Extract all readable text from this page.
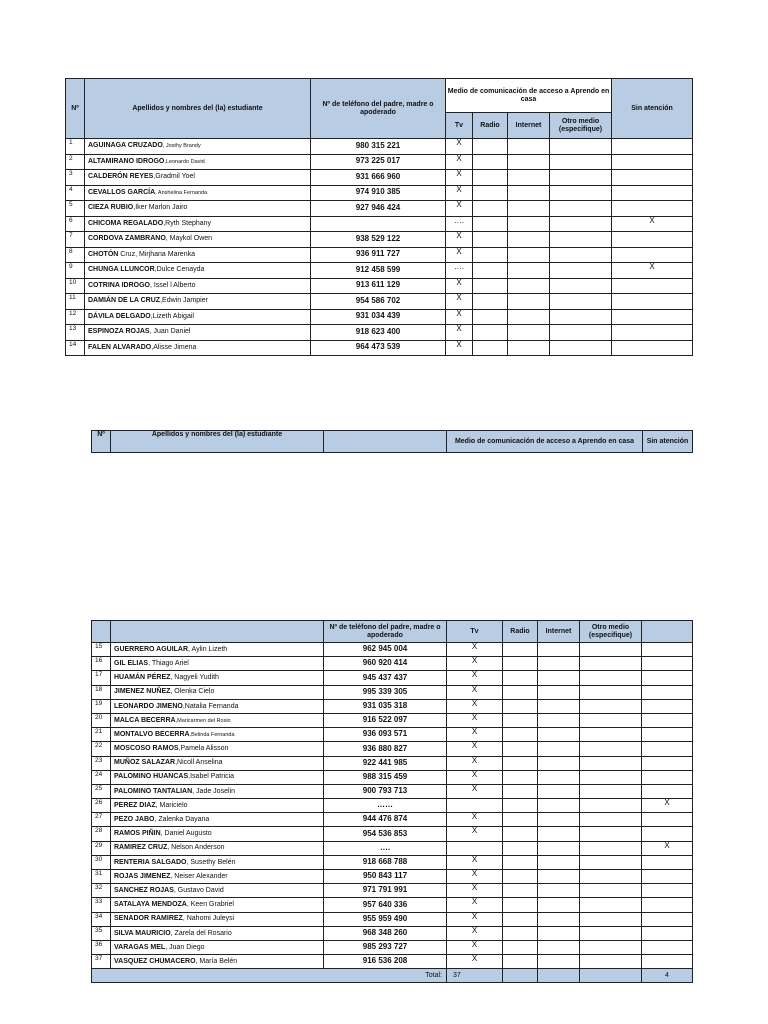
Nº	Apellidos y nombres del (la) estudiante	Nº de teléfono del padre, madre o apoderado	Medio de comunicación de acceso a Aprendo en casa				Sin atención
			Tv	Radio	Internet	Otro medio (especifique)	
1	AGUINAGA CRUZADO, Josthy Brandy	980 315 221	X				
2	ALTAMIRANO IDROGO,Leonardo David	973 225 017	X				
3	CALDERÓN REYES,Gradmil Yoel	931 666 960	X				
4	CEVALLOS GARCÍA, Anshelina Fernanda	974 910 385	X				
5	CIEZA RUBIO,Iker Marlon Jairo	927 946 424	X				
6	CHICOMA REGALADO,Ryth Stephany		….				X
7	CORDOVA ZAMBRANO, Maykol Owen	938 529 122	X				
8	CHOTÓN Cruz, Mirjhana Marenka	936 911 727	X				
9	CHUNGA LLUNCOR,Dulce Cenayda	912 458 599	….				X
10	COTRINA IDROGO, Issel l Alberto	913 611 129	X				
11	DAMIÁN DE LA CRUZ,Edwin Jampier	954 586 702	X				
12	DÁVILA DELGADO,Lizeth Abigail	931 034 439	X				
13	ESPINOZA ROJAS, Juan Daniel	918 623 400	X				
14	FALEN ALVARADO,Alisse Jimena	964 473 539	X				
Nº	Apellidos y nombres del (la) estudiante		Medio de comunicación de acceso a Aprendo en casa	Sin atención
		Nº de teléfono del padre, madre o apoderado	Tv	Radio	Internet	Otro medio (especifique)	
15	GUERRERO AGUILAR, Aylin Lizeth	962 945 004	X				
16	GIL ELIAS, Thiago Ariel	960 920 414	X				
17	HUAMÁN PÉREZ, Nagyeli Yudith	945 437 437	X				
18	JIMENEZ NUÑEZ, Olenka Cielo	995 339 305	X				
19	LEONARDO JIMENO,Natalia Fernanda	931 035 318	X				
20	MALCA BECERRA,Maricarmen del Rosio	916 522 097	X				
21	MONTALVO BECERRA,Belinda Fernanda	936 093 571	X				
22	MOSCOSO RAMOS,Pamela Alisson	936 880 827	X				
23	MUÑOZ SALAZAR,Nicoll Anselina	922 441 985	X				
24	PALOMINO HUANCAS,Isabel Patricia	988 315 459	X				
25	PALOMINO TANTALIAN, Jade Joselin	900 793 713	X				
26	PEREZ DIAZ, Maricielo	……					X
27	PEZO JABO, Zalenka Dayana	944 476 874	X				
28	RAMOS PIÑIN, Daniel Augusto	954 536 853	X				
29	RAMIREZ CRUZ, Nelson Anderson	….					X
30	RENTERIA SALGADO, Susethy Belén	918 668 788	X				
31	ROJAS JIMENEZ, Neiser Alexander	950 843 117	X				
32	SANCHEZ ROJAS, Gustavo David	971 791 991	X				
33	SATALAYA MENDOZA, Keen Grabriel	957 640 336	X				
34	SENADOR RAMIREZ, Nahomi Juleysi	955 959 490	X				
35	SILVA MAURICIO, Zarela del Rosario	968 348 260	X				
36	VARAGAS MEL, Juan Diego	985 293 727	X				
37	VASQUEZ CHUMACERO, María Belén	916 536 208	X				
Total:			37				4
